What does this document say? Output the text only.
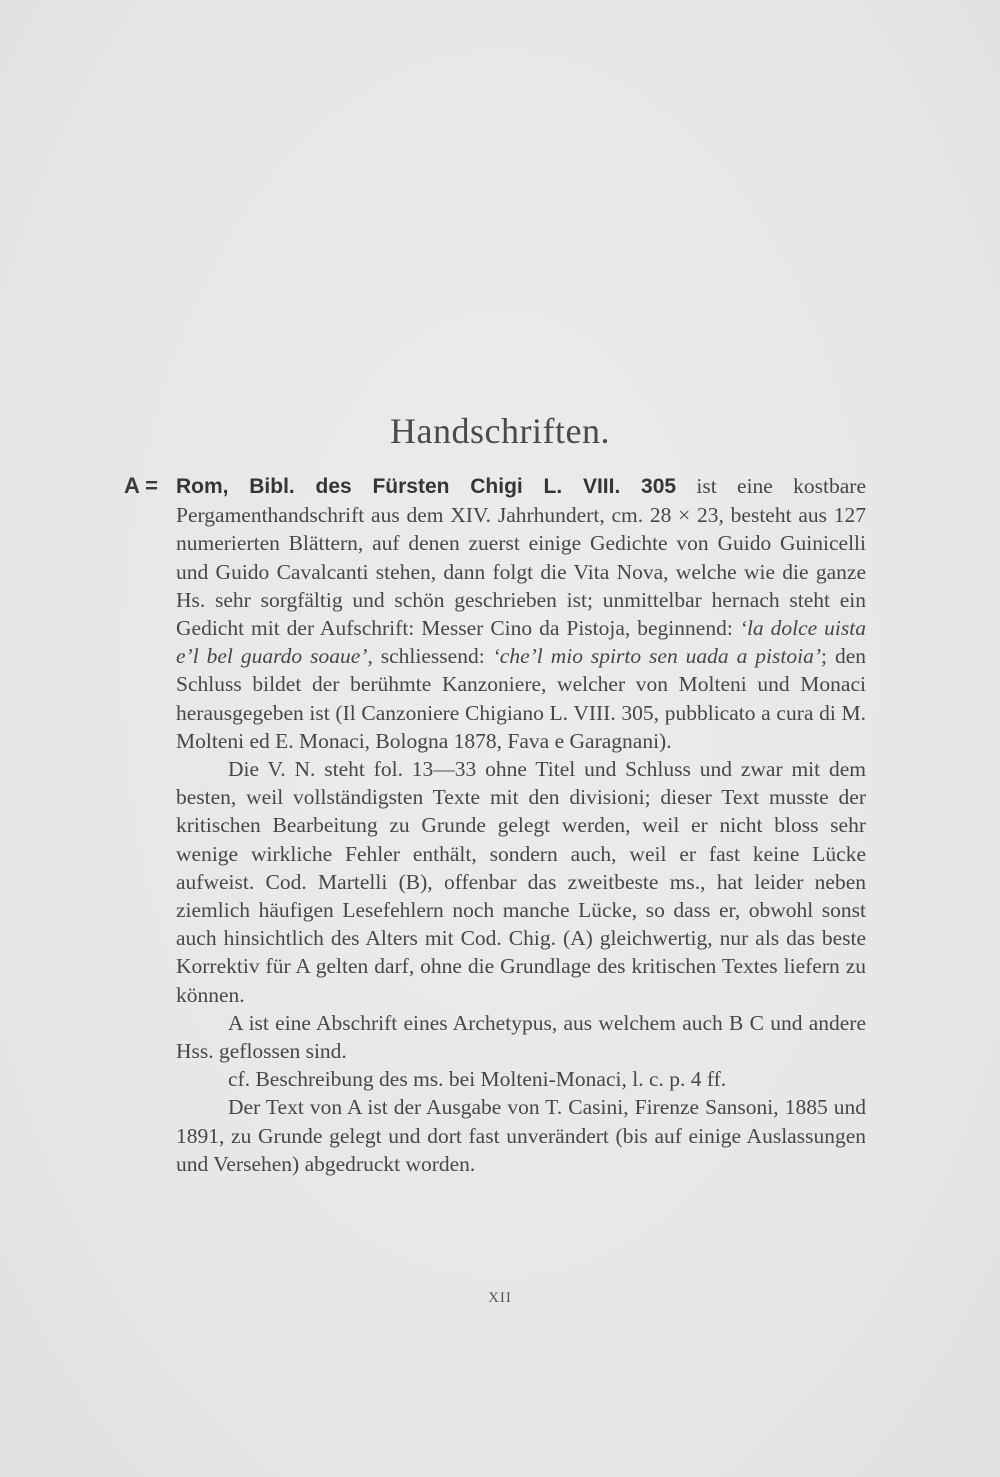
Handschriften.

A = Rom, Bibl. des Fürsten Chigi L. VIII. 305 ist eine kostbare Pergamenthandschrift aus dem XIV. Jahrhundert, cm. 28 × 23, besteht aus 127 numerierten Blättern, auf denen zuerst einige Gedichte von Guido Guinicelli und Guido Cavalcanti stehen, dann folgt die Vita Nova, welche wie die ganze Hs. sehr sorgfältig und schön geschrieben ist; unmittelbar hernach steht ein Gedicht mit der Aufschrift: Messer Cino da Pistoja, beginnend: ‘la dolce uista e’l bel guardo soaue’, schliessend: ‘che’l mio spirto sen uada a pistoia’; den Schluss bildet der berühmte Kanzoniere, welcher von Molteni und Monaci herausgegeben ist (Il Canzoniere Chigiano L. VIII. 305, pubblicato a cura di M. Molteni ed E. Monaci, Bologna 1878, Fava e Garagnani).

Die V. N. steht fol. 13—33 ohne Titel und Schluss und zwar mit dem besten, weil vollständigsten Texte mit den divisioni; dieser Text musste der kritischen Bearbeitung zu Grunde gelegt werden, weil er nicht bloss sehr wenige wirkliche Fehler enthält, sondern auch, weil er fast keine Lücke aufweist. Cod. Martelli (B), offenbar das zweitbeste ms., hat leider neben ziemlich häufigen Lesefehlern noch manche Lücke, so dass er, obwohl sonst auch hinsichtlich des Alters mit Cod. Chig. (A) gleichwertig, nur als das beste Korrektiv für A gelten darf, ohne die Grundlage des kritischen Textes liefern zu können.

A ist eine Abschrift eines Archetypus, aus welchem auch B C und andere Hss. geflossen sind.

cf. Beschreibung des ms. bei Molteni-Monaci, l. c. p. 4 ff.

Der Text von A ist der Ausgabe von T. Casini, Firenze Sansoni, 1885 und 1891, zu Grunde gelegt und dort fast unverändert (bis auf einige Auslassungen und Versehen) abgedruckt worden.

XII
